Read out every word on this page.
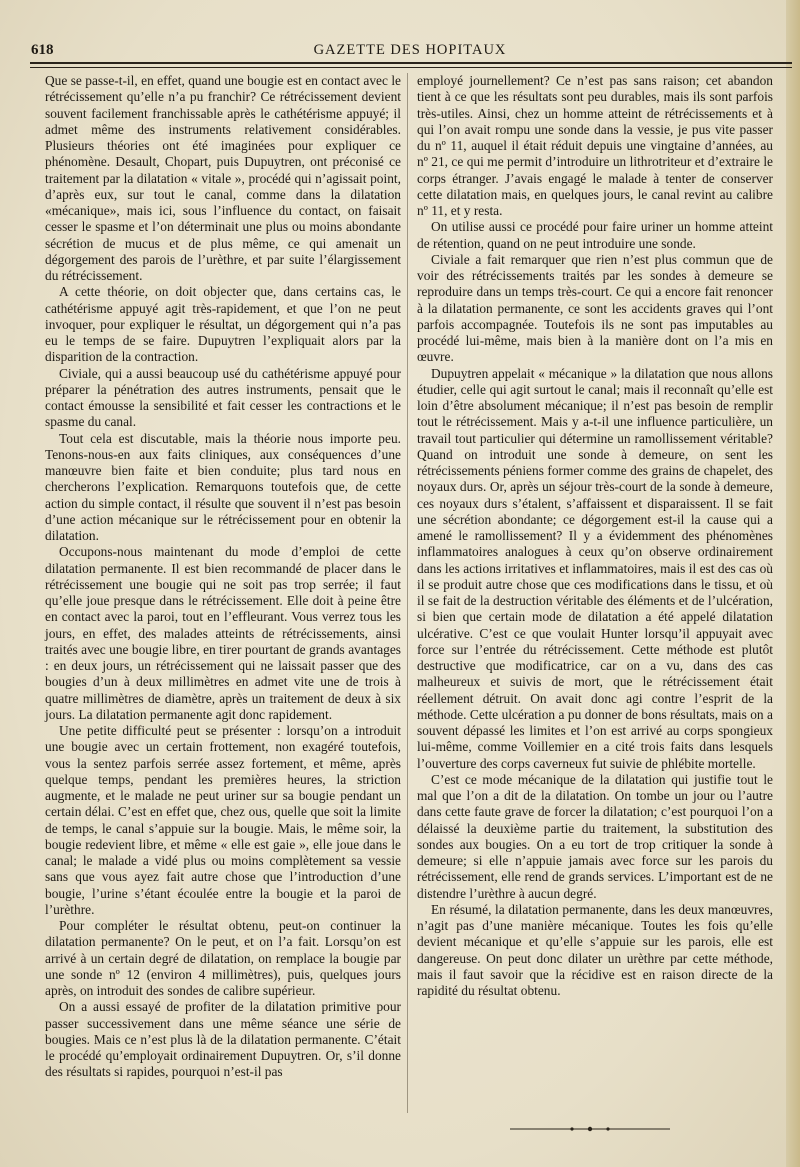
618	GAZETTE DES HOPITAUX

Que se passe-t-il, en effet, quand une bougie est en contact avec le rétrécissement qu’elle n’a pu franchir? Ce rétrécissement devient souvent facilement franchissable après le cathétérisme appuyé; il admet même des instruments relativement considérables. Plusieurs théories ont été imaginées pour expliquer ce phénomène. Desault, Chopart, puis Dupuytren, ont préconisé ce traitement par la dilatation « vitale », procédé qui n’agissait point, d’après eux, sur tout le canal, comme dans la dilatation «mécanique», mais ici, sous l’influence du contact, on faisait cesser le spasme et l’on déterminait une plus ou moins abondante sécrétion de mucus et de plus même, ce qui amenait un dégorgement des parois de l’urèthre, et par suite l’élargissement du rétrécissement.

A cette théorie, on doit objecter que, dans certains cas, le cathétérisme appuyé agit très-rapidement, et que l’on ne peut invoquer, pour expliquer le résultat, un dégorgement qui n’a pas eu le temps de se faire. Dupuytren l’expliquait alors par la disparition de la contraction.

Civiale, qui a aussi beaucoup usé du cathétérisme appuyé pour préparer la pénétration des autres instruments, pensait que le contact émousse la sensibilité et fait cesser les contractions et le spasme du canal.

Tout cela est discutable, mais la théorie nous importe peu. Tenons-nous-en aux faits cliniques, aux conséquences d’une manœuvre bien faite et bien conduite; plus tard nous en chercherons l’explication. Remarquons toutefois que, de cette action du simple contact, il résulte que souvent il n’est pas besoin d’une action mécanique sur le rétrécissement pour en obtenir la dilatation.

Occupons-nous maintenant du mode d’emploi de cette dilatation permanente. Il est bien recommandé de placer dans le rétrécissement une bougie qui ne soit pas trop serrée; il faut qu’elle joue presque dans le rétrécissement. Elle doit à peine être en contact avec la paroi, tout en l’effleurant. Vous verrez tous les jours, en effet, des malades atteints de rétrécissements, ainsi traités avec une bougie libre, en tirer pourtant de grands avantages : en deux jours, un rétrécissement qui ne laissait passer que des bougies d’un à deux millimètres en admet vite une de trois à quatre millimètres de diamètre, après un traitement de deux à six jours. La dilatation permanente agit donc rapidement.

Une petite difficulté peut se présenter : lorsqu’on a introduit une bougie avec un certain frottement, non exagéré toutefois, vous la sentez parfois serrée assez fortement, et même, après quelque temps, pendant les premières heures, la striction augmente, et le malade ne peut uriner sur sa bougie pendant un certain délai. C’est en effet que, chez ous, quelle que soit la limite de temps, le canal s’appuie sur la bougie. Mais, le même soir, la bougie redevient libre, et même « elle est gaie », elle joue dans le canal; le malade a vidé plus ou moins complètement sa vessie sans que vous ayez fait autre chose que l’introduction d’une bougie, l’urine s’étant écoulée entre la bougie et la paroi de l’urèthre.

Pour compléter le résultat obtenu, peut-on continuer la dilatation permanente? On le peut, et on l’a fait. Lorsqu’on est arrivé à un certain degré de dilatation, on remplace la bougie par une sonde nº 12 (environ 4 millimètres), puis, quelques jours après, on introduit des sondes de calibre supérieur.

On a aussi essayé de profiter de la dilatation primitive pour passer successivement dans une même séance une série de bougies. Mais ce n’est plus là de la dilatation permanente. C’était le procédé qu’employait ordinairement Dupuytren. Or, s’il donne des résultats si rapides, pourquoi n’est-il pas

employé journellement? Ce n’est pas sans raison; cet abandon tient à ce que les résultats sont peu durables, mais ils sont parfois très-utiles. Ainsi, chez un homme atteint de rétrécissements et à qui l’on avait rompu une sonde dans la vessie, je pus vite passer du nº 11, auquel il était réduit depuis une vingtaine d’années, au nº 21, ce qui me permit d’introduire un lithrotriteur et d’extraire le corps étranger. J’avais engagé le malade à tenter de conserver cette dilatation mais, en quelques jours, le canal revint au calibre nº 11, et y resta.

On utilise aussi ce procédé pour faire uriner un homme atteint de rétention, quand on ne peut introduire une sonde.

Civiale a fait remarquer que rien n’est plus commun que de voir des rétrécissements traités par les sondes à demeure se reproduire dans un temps très-court. Ce qui a encore fait renoncer à la dilatation permanente, ce sont les accidents graves qui l’ont parfois accompagnée. Toutefois ils ne sont pas imputables au procédé lui-même, mais bien à la manière dont on l’a mis en œuvre.

Dupuytren appelait « mécanique » la dilatation que nous allons étudier, celle qui agit surtout le canal; mais il reconnaît qu’elle est loin d’être absolument mécanique; il n’est pas besoin de remplir tout le rétrécissement. Mais y a-t-il une influence particulière, un travail tout particulier qui détermine un ramollissement véritable? Quand on introduit une sonde à demeure, on sent les rétrécissements péniens former comme des grains de chapelet, des noyaux durs. Or, après un séjour très-court de la sonde à demeure, ces noyaux durs s’étalent, s’affaissent et disparaissent. Il se fait une sécrétion abondante; ce dégorgement est-il la cause qui a amené le ramollissement? Il y a évidemment des phénomènes inflammatoires analogues à ceux qu’on observe ordinairement dans les actions irritatives et inflammatoires, mais il est des cas où il se produit autre chose que ces modifications dans le tissu, et où il se fait de la destruction véritable des éléments et de l’ulcération, si bien que certain mode de dilatation a été appelé dilatation ulcérative. C’est ce que voulait Hunter lorsqu’il appuyait avec force sur l’entrée du rétrécissement. Cette méthode est plutôt destructive que modificatrice, car on a vu, dans des cas malheureux et suivis de mort, que le rétrécissement était réellement détruit. On avait donc agi contre l’esprit de la méthode. Cette ulcération a pu donner de bons résultats, mais on a souvent dépassé les limites et l’on est arrivé au corps spongieux lui-même, comme Voillemier en a cité trois faits dans lesquels l’ouverture des corps caverneux fut suivie de phlébite mortelle.

C’est ce mode mécanique de la dilatation qui justifie tout le mal que l’on a dit de la dilatation. On tombe un jour ou l’autre dans cette faute grave de forcer la dilatation; c’est pourquoi l’on a délaissé la deuxième partie du traitement, la substitution des sondes aux bougies. On a eu tort de trop critiquer la sonde à demeure; si elle n’appuie jamais avec force sur les parois du rétrécissement, elle rend de grands services. L’important est de ne distendre l’urèthre à aucun degré.

En résumé, la dilatation permanente, dans les deux manœuvres, n’agit pas d’une manière mécanique. Toutes les fois qu’elle devient mécanique et qu’elle s’appuie sur les parois, elle est dangereuse. On peut donc dilater un urèthre par cette méthode, mais il faut savoir que la récidive est en raison directe de la rapidité du résultat obtenu.
